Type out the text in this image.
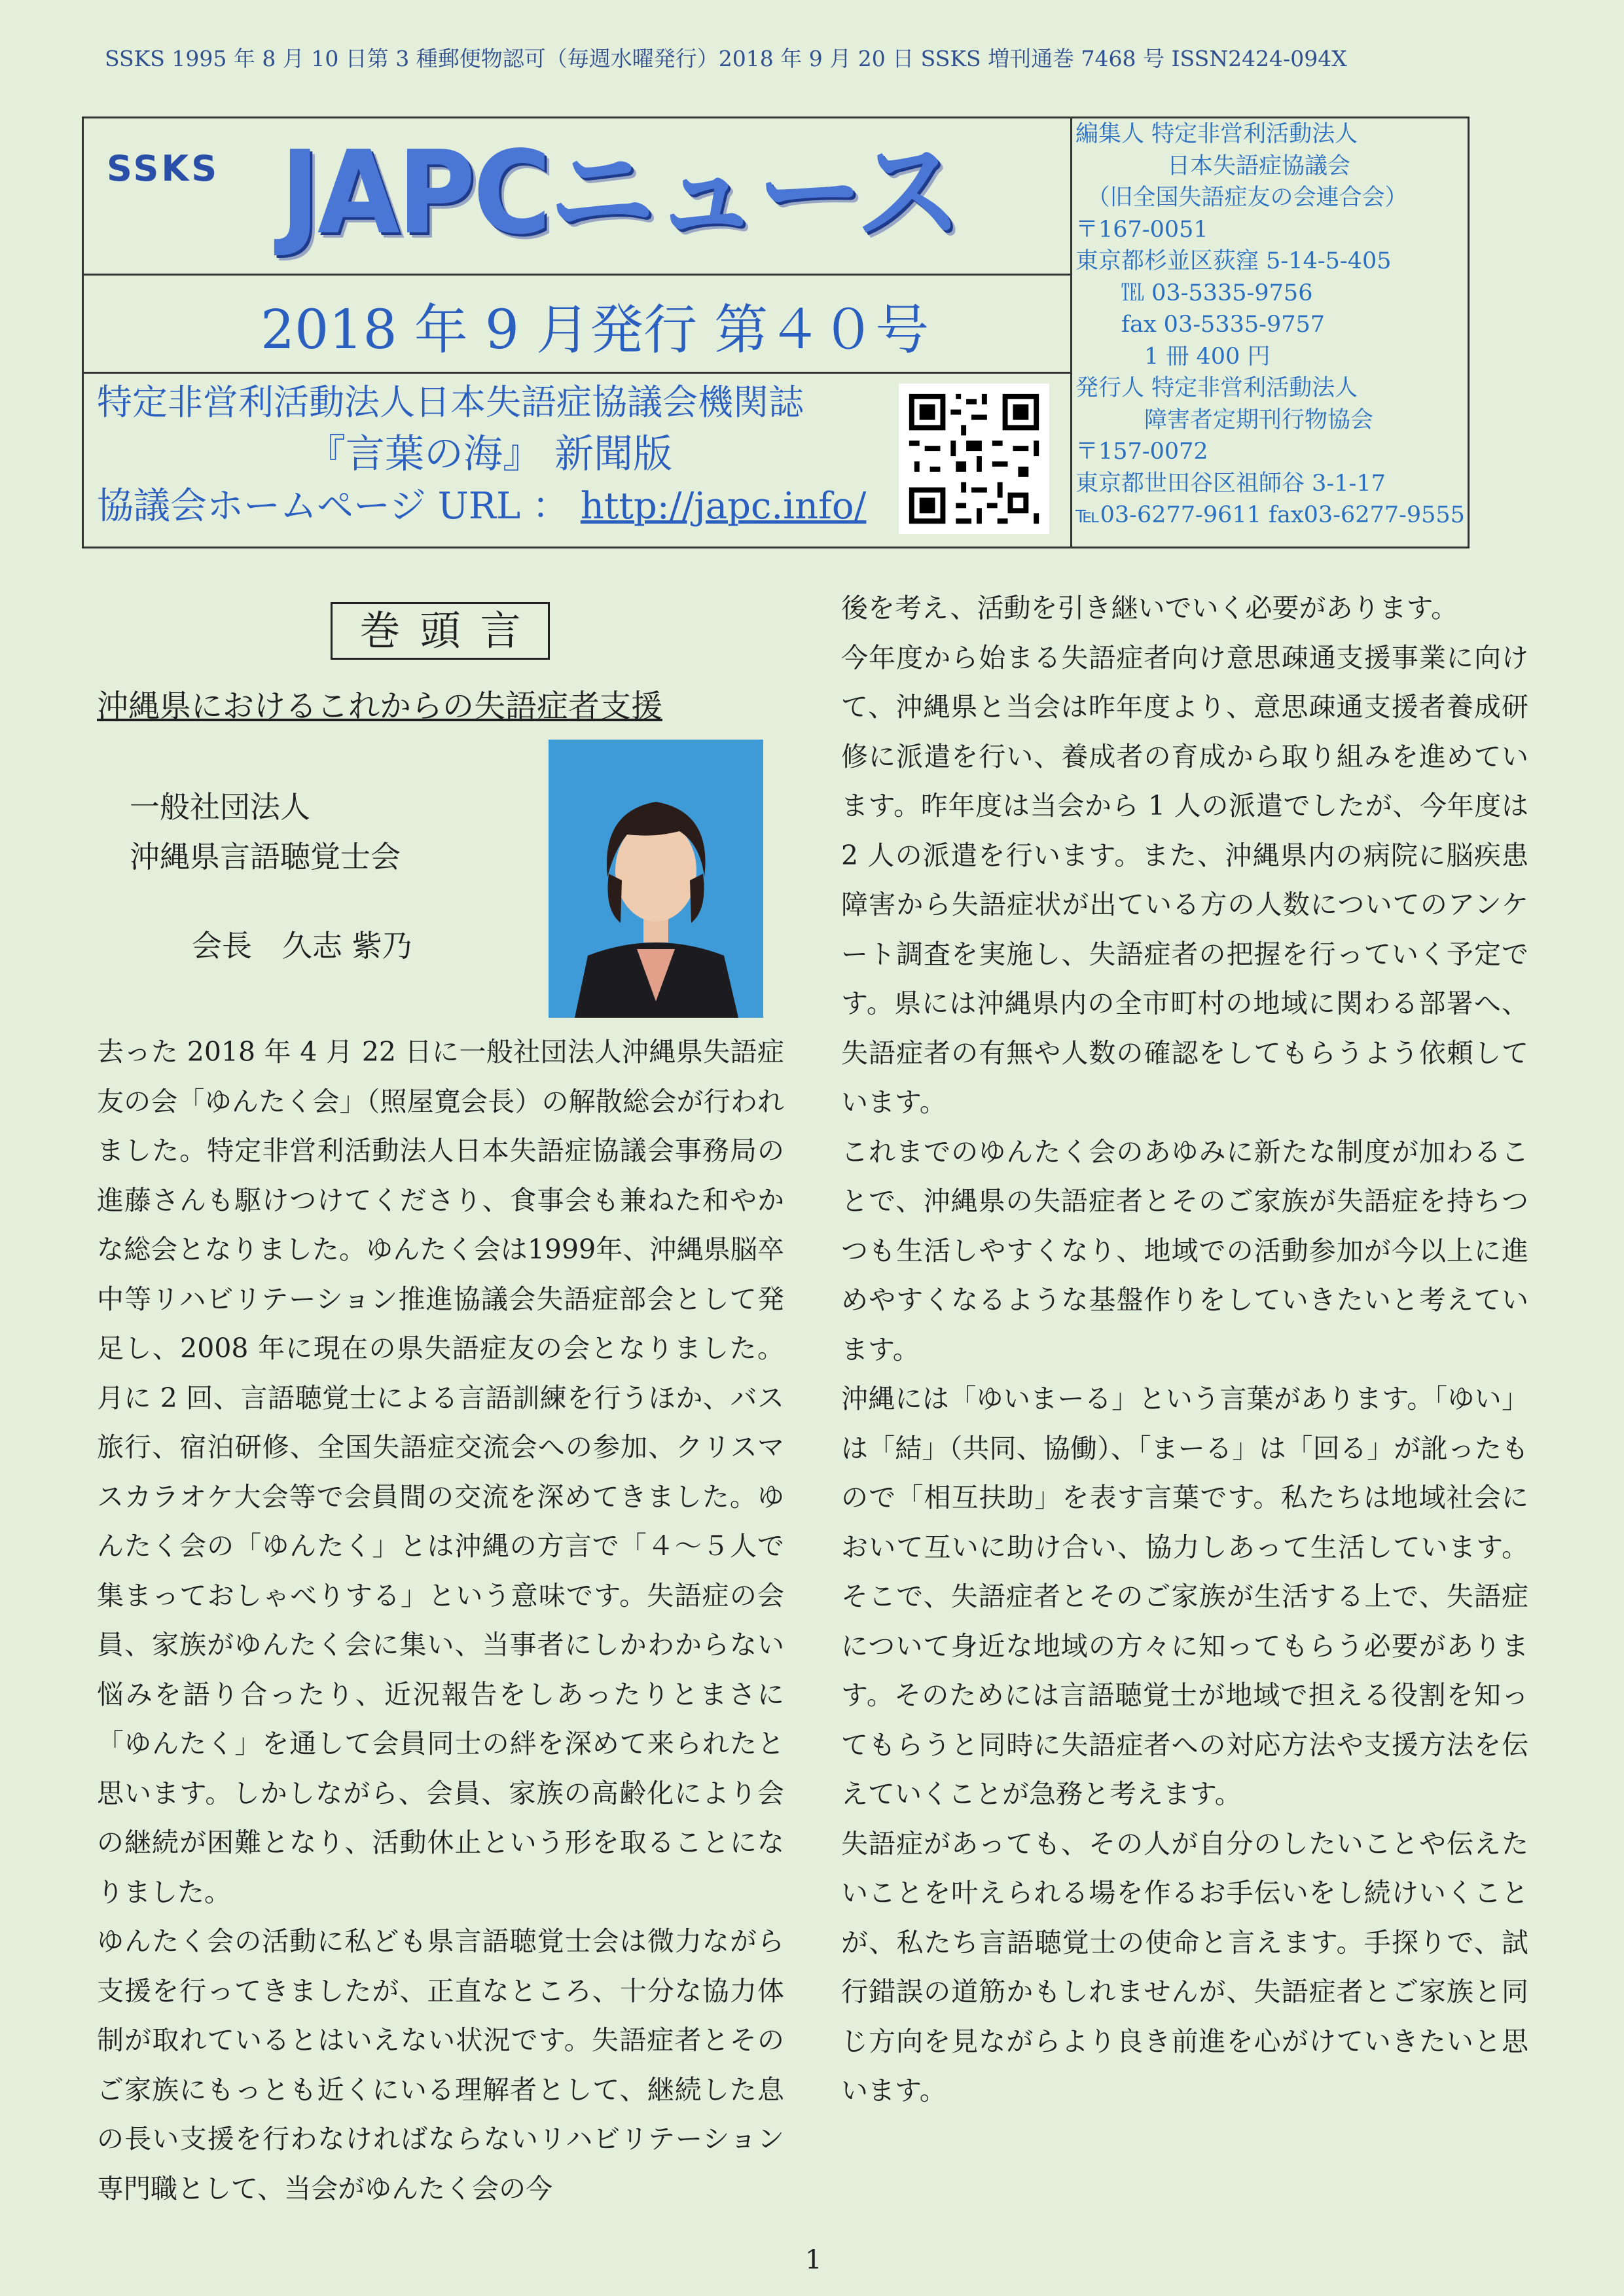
SSKS 1995 年 8 月 10 日第 3 種郵便物認可（毎週水曜発行）2018 年 9 月 20 日 SSKS 増刊通巻 7468 号 ISSN2424-094X
SSKS JAPCニュース
2018 年 9 月発行 第４０号
特定非営利活動法人日本失語症協議会機関誌
『言葉の海』 新聞版
協議会ホームページ URL ： http://japc.info/
編集人 特定非営利活動法人
　　　　日本失語症協議会
　（旧全国失語症友の会連合会）
〒167-0051
東京都杉並区荻窪 5-14-5-405
　　℡ 03-5335-9756
　　fax 03-5335-9757
　　　1 冊 400 円
発行人 特定非営利活動法人
　　　障害者定期刊行物協会
〒157-0072
東京都世田谷区祖師谷 3-1-17
℡03-6277-9611 fax03-6277-9555
巻頭言
沖縄県におけるこれからの失語症者支援
一般社団法人
沖縄県言語聴覚士会
会長　久志 紫乃
去った 2018 年 4 月 22 日に一般社団法人沖縄県失語症友の会「ゆんたく会」（照屋寛会長）の解散総会が行われました。特定非営利活動法人日本失語症協議会事務局の進藤さんも駆けつけてくださり、食事会も兼ねた和やかな総会となりました。ゆんたく会は1999年、沖縄県脳卒中等リハビリテーション推進協議会失語症部会として発足し、2008 年に現在の県失語症友の会となりました。月に 2 回、言語聴覚士による言語訓練を行うほか、バス旅行、宿泊研修、全国失語症交流会への参加、クリスマスカラオケ大会等で会員間の交流を深めてきました。ゆんたく会の「ゆんたく」とは沖縄の方言で「４～５人で集まっておしゃべりする」という意味です。失語症の会員、家族がゆんたく会に集い、当事者にしかわからない悩みを語り合ったり、近況報告をしあったりとまさに「ゆんたく」を通して会員同士の絆を深めて来られたと思います。しかしながら、会員、家族の高齢化により会の継続が困難となり、活動休止という形を取ることになりました。
ゆんたく会の活動に私ども県言語聴覚士会は微力ながら支援を行ってきましたが、正直なところ、十分な協力体制が取れているとはいえない状況です。失語症者とそのご家族にもっとも近くにいる理解者として、継続した息の長い支援を行わなければならないリハビリテーション専門職として、当会がゆんたく会の今
後を考え、活動を引き継いでいく必要があります。
今年度から始まる失語症者向け意思疎通支援事業に向けて、沖縄県と当会は昨年度より、意思疎通支援者養成研修に派遣を行い、養成者の育成から取り組みを進めています。昨年度は当会から 1 人の派遣でしたが、今年度は 2 人の派遣を行います。また、沖縄県内の病院に脳疾患障害から失語症状が出ている方の人数についてのアンケート調査を実施し、失語症者の把握を行っていく予定です。県には沖縄県内の全市町村の地域に関わる部署へ、失語症者の有無や人数の確認をしてもらうよう依頼しています。
これまでのゆんたく会のあゆみに新たな制度が加わることで、沖縄県の失語症者とそのご家族が失語症を持ちつつも生活しやすくなり、地域での活動参加が今以上に進めやすくなるような基盤作りをしていきたいと考えています。
沖縄には「ゆいまーる」という言葉があります。「ゆい」は「結」（共同、協働）、「まーる」は「回る」が訛ったもので「相互扶助」を表す言葉です。私たちは地域社会において互いに助け合い、協力しあって生活しています。そこで、失語症者とそのご家族が生活する上で、失語症について身近な地域の方々に知ってもらう必要があります。そのためには言語聴覚士が地域で担える役割を知ってもらうと同時に失語症者への対応方法や支援方法を伝えていくことが急務と考えます。
失語症があっても、その人が自分のしたいことや伝えたいことを叶えられる場を作るお手伝いをし続けいくことが、私たち言語聴覚士の使命と言えます。手探りで、試行錯誤の道筋かもしれませんが、失語症者とご家族と同じ方向を見ながらより良き前進を心がけていきたいと思います。
1
